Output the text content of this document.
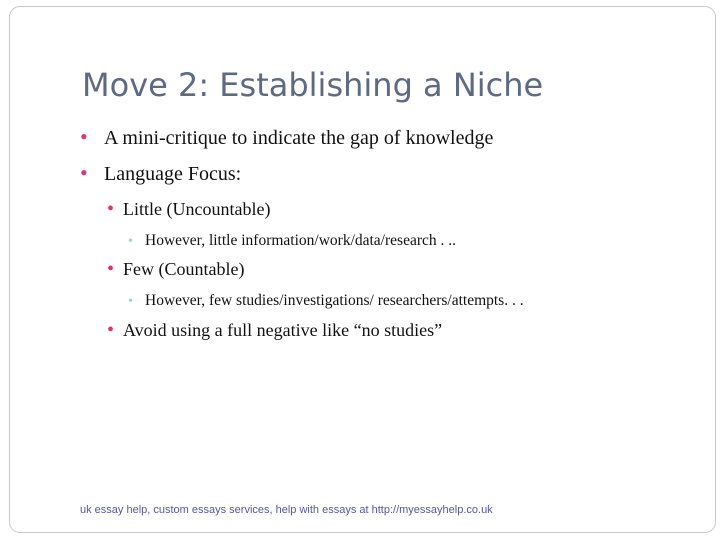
Move 2: Establishing a Niche
• A mini-critique to indicate the gap of knowledge
• Language Focus:
• Little (Uncountable)
• However, little information/work/data/research . ..
• Few (Countable)
• However, few studies/investigations/ researchers/attempts. . .
• Avoid using a full negative like “no studies”
uk essay help, custom essays services, help with essays at http://myessayhelp.co.uk
